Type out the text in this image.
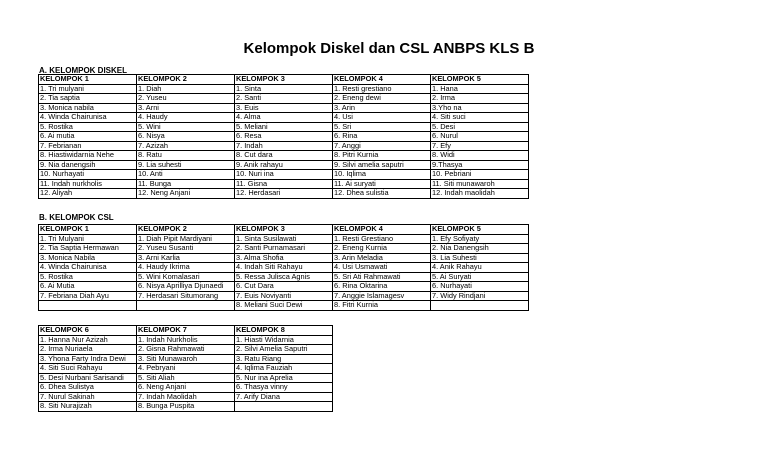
Kelompok Diskel dan CSL ANBPS KLS B
A. KELOMPOK DISKEL
KELOMPOK 1	KELOMPOK 2	KELOMPOK 3	KELOMPOK 4	KELOMPOK 5
1. Tri mulyani	1. Diah	1. Sinta	1. Resti grestiano	1. Hana
2. Tia saptia	2. Yuseu	2. Santi	2. Eneng dewi	2. Irma
3. Monica nabila	3. Arni	3. Euis	3. Arin	3.Yho na
4. Winda Chairunisa	4. Haudy	4. Alma	4. Usi	4. Siti suci
5. Rostika	5. Wini	5. Meliani	5. Sri	5. Desi
6. Ai mutia	6. Nisya	6. Resa	6. Rina	6. Nurul
7. Febrianan	7. Azizah	7. Indah	7. Anggi	7. Efy
8. Hiastiwidarnia Nehe	8. Ratu	8. Cut dara	8. Pitri Kurnia	8. Widi
9. Nia danengsih	9. Lia suhesti	9. Anik rahayu	9. Silvi amelia saputri	9.Thasya
10. Nurhayati	10. Anti	10. Nuri ina	10. Iqlima	10. Pebriani
11. Indah nurkholis	11. Bunga	11. Gisna	11. Ai suryati	11. Siti munawaroh
12. Aliyah	12. Neng Anjani	12. Herdasari	12. Dhea sulistia	12. Indah maolidah
B. KELOMPOK CSL
KELOMPOK 1	KELOMPOK 2	KELOMPOK 3	KELOMPOK 4	KELOMPOK 5
1. Tri Mulyani	1. Diah Pipit Mardiyani	1. Sinta Susilawati	1. Resti Grestiano	1. Efy Sofiyaty
2. Tia Saptia Hermawan	2. Yuseu Susanti	2. Santi Purnamasari	2. Eneng Kurnia	2. Nia Danengsih
3. Monica Nabila	3. Arni Karlia	3. Alma Shofia	3. Arin Meladia	3. Lia Suhesti
4. Winda Chairunisa	4. Haudy Ikrima	4. Indah Siti Rahayu	4. Usi Usmawati	4. Anik Rahayu
5. Rostika	5. Wini Komalasari	5. Ressa Julisca Agnis	5. Sri Ati Rahmawati	5. Ai Suryati
6. Ai Mutia	6. Nisya Aprilliya Djunaedi	6. Cut Dara	6. Rina Oktarina	6. Nurhayati
7. Febriana Diah Ayu	7. Herdasari Situmorang	7. Euis Noviyanti	7. Anggie Islamagesv	7. Widy Rindjani
		8. Meliani Suci Dewi	8. Fitri Kurnia	
KELOMPOK 6	KELOMPOK 7	KELOMPOK 8
1. Hanna Nur Azizah	1. Indah Nurkholis	1. Hiasti Widarnia
2. Irma Nuriaela	2. Gisna Rahmawati	2. Silvi Amelia Saputri
3. Yhona Farty Indra Dewi	3. Siti Munawaroh	3. Ratu Riang
4. Siti Suci Rahayu	4. Pebryani	4. Iqlima Fauziah
5. Desi Nurbani Sarisandi	5. Siti Aliah	5. Nur ina Aprelia
6. Dhea Sulistya	6. Neng Anjani	6. Thasya vinny
7. Nurul Sakinah	7. Indah Maolidah	7. Arify Diana
8. Siti Nurajizah	8. Bunga Puspita	
